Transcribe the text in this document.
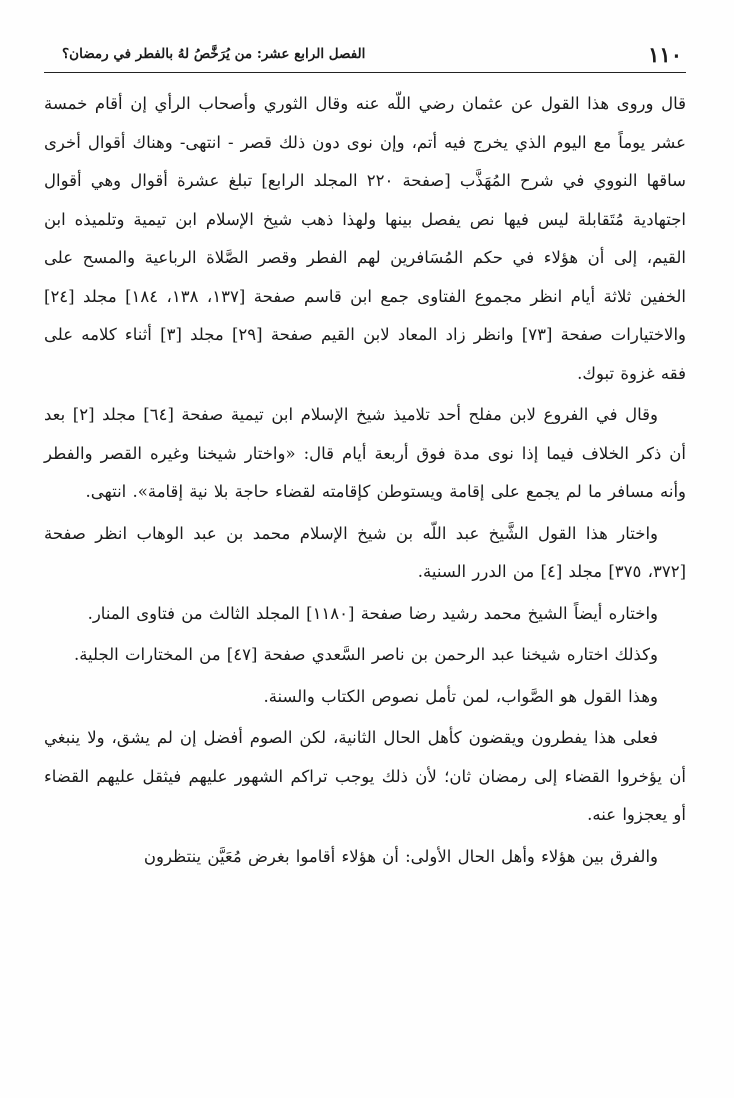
١١٠
الفصل الرابع عشر: من يُرَخَّصُ لهُ بالفطر في رمضان؟

قال وروى هذا القول عن عثمان رضي اللّه عنه وقال الثوري وأصحاب الرأي إن أقام خمسة عشر يوماً مع اليوم الذي يخرج فيه أتم، وإن نوى دون ذلك قصر - انتهى- وهناك أقوال أخرى ساقها النووي في شرح المُهَذَّب [صفحة ٢٢٠ المجلد الرابع] تبلغ عشرة أقوال وهي أقوال اجتهادية مُتَقابلة ليس فيها نص يفصل بينها ولهذا ذهب شيخ الإسلام ابن تيمية وتلميذه ابن القيم، إلى أن هؤلاء في حكم المُسَافرين لهم الفطر وقصر الصَّلاة الرباعية والمسح على الخفين ثلاثة أيام انظر مجموع الفتاوى جمع ابن قاسم صفحة [١٣٧، ١٣٨، ١٨٤] مجلد [٢٤] والاختيارات صفحة [٧٣] وانظر زاد المعاد لابن القيم صفحة [٢٩] مجلد [٣] أثناء كلامه على فقه غزوة تبوك.

وقال في الفروع لابن مفلح أحد تلاميذ شيخ الإسلام ابن تيمية صفحة [٦٤] مجلد [٢] بعد أن ذكر الخلاف فيما إذا نوى مدة فوق أربعة أيام قال: «واختار شيخنا وغيره القصر والفطر وأنه مسافر ما لم يجمع على إقامة ويستوطن كإقامته لقضاء حاجة بلا نية إقامة». انتهى.

واختار هذا القول الشَّيخ عبد اللّه بن شيخ الإسلام محمد بن عبد الوهاب انظر صفحة [٣٧٢، ٣٧٥] مجلد [٤] من الدرر السنية.

واختاره أيضاً الشيخ محمد رشيد رضا صفحة [١١٨٠] المجلد الثالث من فتاوى المنار.

وكذلك اختاره شيخنا عبد الرحمن بن ناصر السَّعدي صفحة [٤٧] من المختارات الجلية.

وهذا القول هو الصَّواب، لمن تأمل نصوص الكتاب والسنة.

فعلى هذا يفطرون ويقضون كأهل الحال الثانية، لكن الصوم أفضل إن لم يشق، ولا ينبغي أن يؤخروا القضاء إلى رمضان ثان؛ لأن ذلك يوجب تراكم الشهور عليهم فيثقل عليهم القضاء أو يعجزوا عنه.

والفرق بين هؤلاء وأهل الحال الأولى: أن هؤلاء أقاموا بغرض مُعَيَّن ينتظرون
